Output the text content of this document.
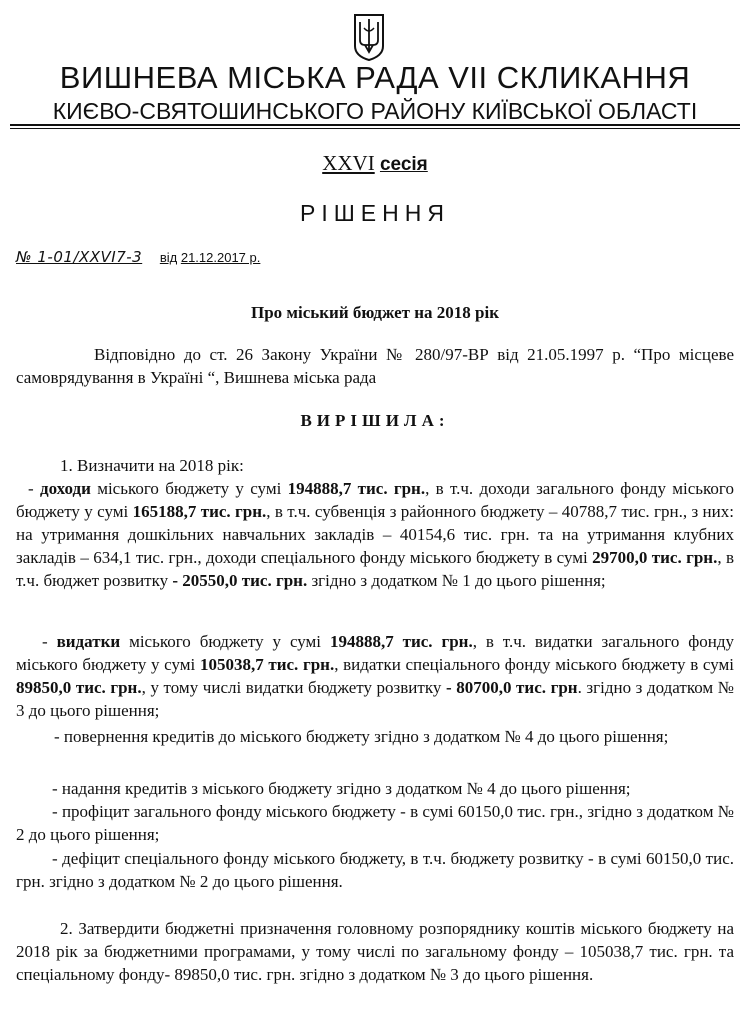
ВИШНЕВА МІСЬКА РАДА VII СКЛИКАННЯ
КИЄВО-СВЯТОШИНСЬКОГО РАЙОНУ КИЇВСЬКОЇ ОБЛАСТІ
XXVI сесія
РІШЕННЯ
№ 1-01/XXVI7-3 від 21.12.2017 р.
Про міський бюджет на 2018 рік
Відповідно до ст. 26 Закону України № 280/97-ВР від 21.05.1997 р. “Про місцеве самоврядування в Україні “, Вишнева міська рада
ВИРІШИЛА:
1. Визначити на 2018 рік:
- доходи міського бюджету у сумі 194888,7 тис. грн., в т.ч. доходи загального фонду міського бюджету у сумі 165188,7 тис. грн., в т.ч. субвенція з районного бюджету – 40788,7 тис. грн., з них: на утримання дошкільних навчальних закладів – 40154,6 тис. грн. та на утримання клубних закладів – 634,1 тис. грн., доходи спеціального фонду міського бюджету в сумі 29700,0 тис. грн., в т.ч. бюджет розвитку - 20550,0 тис. грн. згідно з додатком № 1 до цього рішення;
- видатки міського бюджету у сумі 194888,7 тис. грн., в т.ч. видатки загального фонду міського бюджету у сумі 105038,7 тис. грн., видатки спеціального фонду міського бюджету в сумі 89850,0 тис. грн., у тому числі видатки бюджету розвитку - 80700,0 тис. грн. згідно з додатком № 3 до цього рішення;
- повернення кредитів до міського бюджету згідно з додатком № 4 до цього рішення;
- надання кредитів з міського бюджету згідно з додатком № 4 до цього рішення;
- профіцит загального фонду міського бюджету - в сумі 60150,0 тис. грн., згідно з додатком № 2 до цього рішення;
- дефіцит спеціального фонду міського бюджету, в т.ч. бюджету розвитку - в сумі 60150,0 тис. грн. згідно з додатком № 2 до цього рішення.
2. Затвердити бюджетні призначення головному розпоряднику коштів міського бюджету на 2018 рік за бюджетними програмами, у тому числі по загальному фонду – 105038,7 тис. грн. та спеціальному фонду- 89850,0 тис. грн. згідно з додатком № 3 до цього рішення.
